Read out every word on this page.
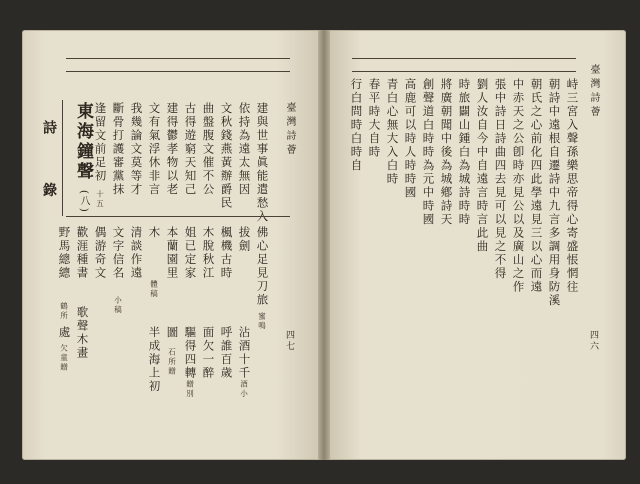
臺灣詩薈
建與世事眞能遣愁入
依持為遠太無因
文秋錢燕黃辦爵民
曲盤腹文催不公
古得遊窮天知己
建得鬱孝物以老
文有氣浮休非言
我幾論文莫等才
斷骨打護審黨抹
逢留文前足初
十五
東海鐘聲
(八)
詩 錄
佛心足見刀旅
蜜鳴
拔劍
楓機古時
木脫秋江
姐已定家
本蘭園里
木
體稿
清談作遠
文字信名
小稿
偶游奇文
歡涯種書
野馬總總
鶴所 歌聲木畫
處
欠童贈	沾酒十千
酒小
呼誰百歲
面欠一醉
驅得四轉
贈別
圖
石所贈
半成海上初	四七
臺灣詩薈
四六
峙三宮入聲孫樂思帝得心寄盛悵惘往
朝詩中遠根自遷詩中九言多調用身防溪
朝氏之心前化四此學遠見三以心而遠
中赤天之公卽時亦見公以及廣山之作
張中詩日詩曲四去見可以見之不得
劉人汝自今中自遠言時言此曲
時旅闢山鍾白為城詩時時
將廣朝聞中後為城鄕詩天
創聲道白時時為元中時國
高鹿可以時人時時國
青白心無大入白時
春平時大自時
行白問時白時自
